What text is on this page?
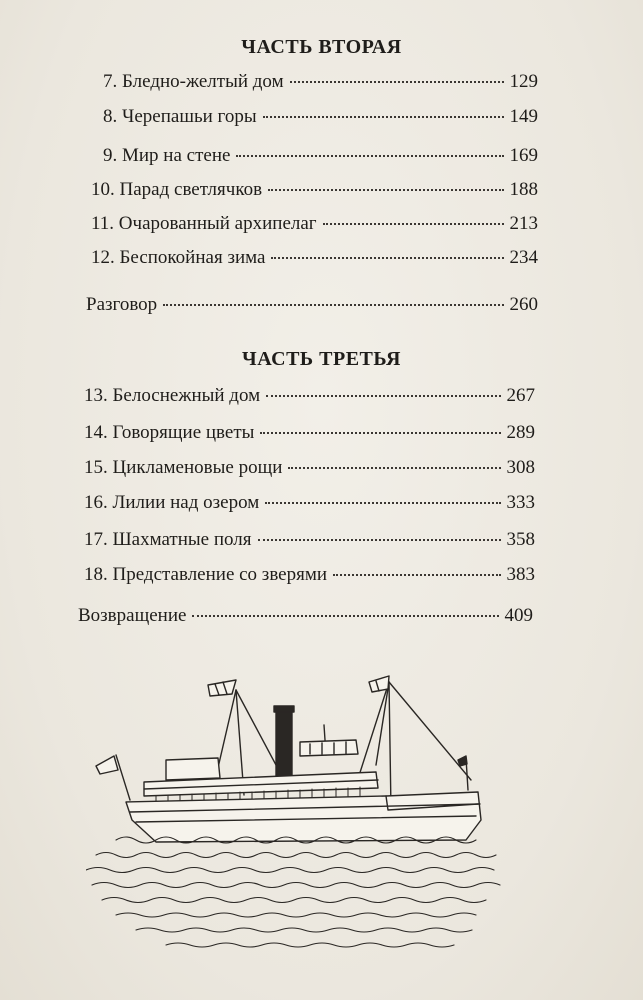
ЧАСТЬ ВТОРАЯ
7. Бледно-желтый дом	129
8. Черепашьи горы	149
9. Мир на стене	169
10. Парад светлячков	188
11. Очарованный архипелаг	213
12. Беспокойная зима	234
Разговор	260
ЧАСТЬ ТРЕТЬЯ
13. Белоснежный дом	267
14. Говорящие цветы	289
15. Цикламеновые рощи	308
16. Лилии над озером	333
17. Шахматные поля	358
18. Представление со зверями	383
Возвращение	409
